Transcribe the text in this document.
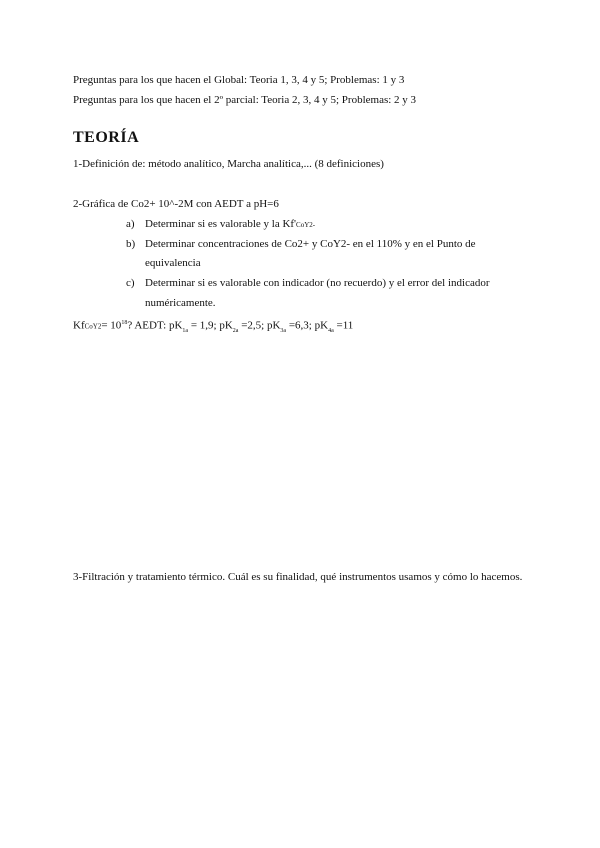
Preguntas para los que hacen el Global: Teoria 1, 3, 4 y 5; Problemas: 1 y 3
Preguntas para los que hacen el 2º parcial: Teoria 2, 3, 4 y 5; Problemas: 2 y 3
TEORÍA
1-Definición de: método analítico, Marcha analítica,... (8 definiciones)
2-Gráfica de Co2+ 10^-2M con AEDT a pH=6
a) Determinar si es valorable y la Kf'CoY2-
b) Determinar concentraciones de Co2+ y CoY2- en el 110% y en el Punto de
equivalencia
c) Determinar si es valorable con indicador (no recuerdo) y el error del indicador
numéricamente.
KfCoY2= $10^{18}$? AEDT: $pK_{1a} = 1,9$; $pK_{2a} =2,5$; $pK_{3a} =6,3$; $pK_{4a} =11$
3-Filtración y tratamiento térmico. Cuál es su finalidad, qué instrumentos usamos y cómo lo hacemos.
